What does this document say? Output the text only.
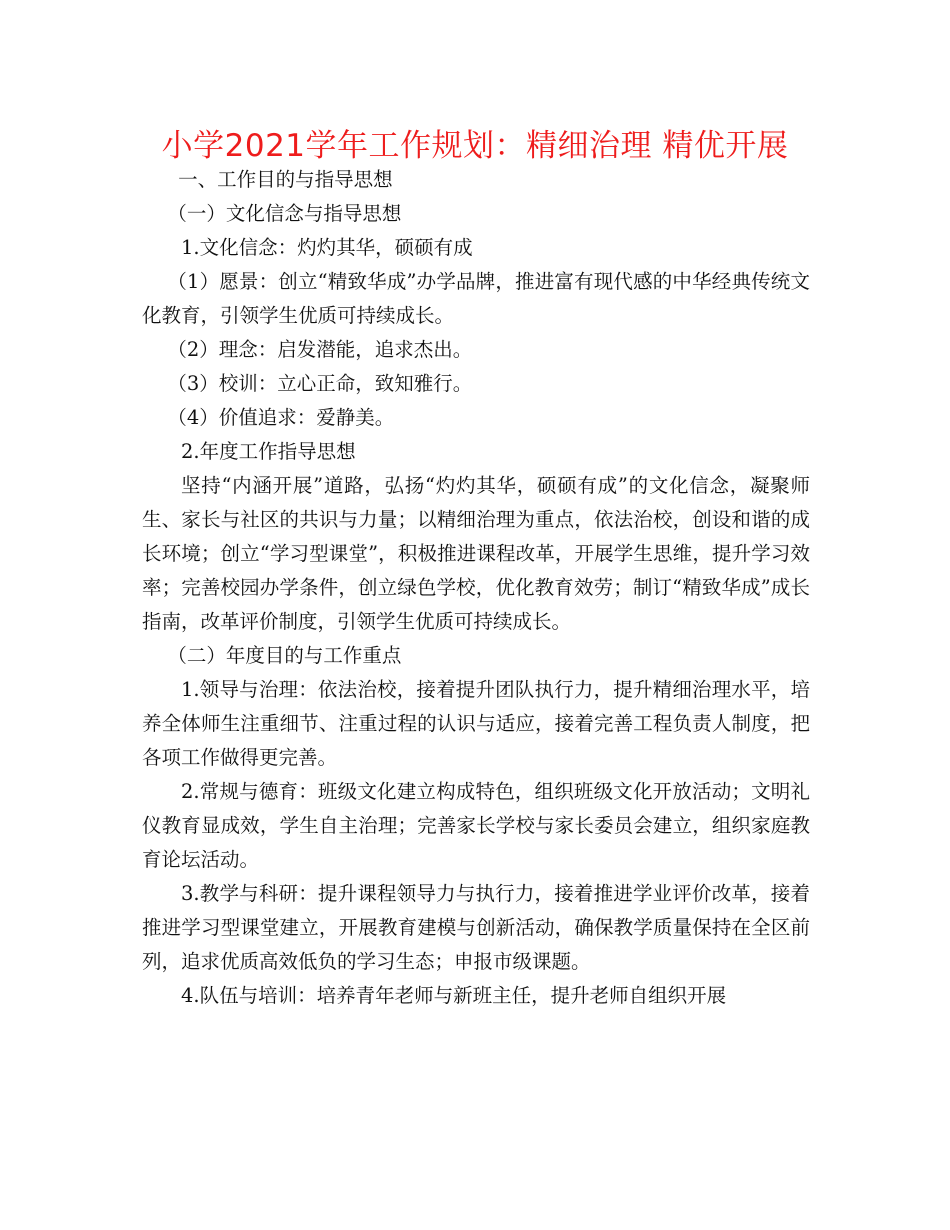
小学2021学年工作规划：精细治理 精优开展

一、工作目的与指导思想

（一）文化信念与指导思想

1.文化信念：灼灼其华，硕硕有成

（1）愿景：创立“精致华成”办学品牌，推进富有现代感的中华经典传统文化教育，引领学生优质可持续成长。

（2）理念：启发潜能，追求杰出。

（3）校训：立心正命，致知雅行。

（4）价值追求：爱静美。

2.年度工作指导思想

坚持“内涵开展”道路，弘扬“灼灼其华，硕硕有成”的文化信念，凝聚师生、家长与社区的共识与力量；以精细治理为重点，依法治校，创设和谐的成长环境；创立“学习型课堂”，积极推进课程改革，开展学生思维，提升学习效率；完善校园办学条件，创立绿色学校，优化教育效劳；制订“精致华成”成长指南，改革评价制度，引领学生优质可持续成长。

（二）年度目的与工作重点

1.领导与治理：依法治校，接着提升团队执行力，提升精细治理水平，培养全体师生注重细节、注重过程的认识与适应，接着完善工程负责人制度，把各项工作做得更完善。

2.常规与德育：班级文化建立构成特色，组织班级文化开放活动；文明礼仪教育显成效，学生自主治理；完善家长学校与家长委员会建立，组织家庭教育论坛活动。

3.教学与科研：提升课程领导力与执行力，接着推进学业评价改革，接着推进学习型课堂建立，开展教育建模与创新活动，确保教学质量保持在全区前列，追求优质高效低负的学习生态；申报市级课题。

4.队伍与培训：培养青年老师与新班主任，提升老师自组织开展
